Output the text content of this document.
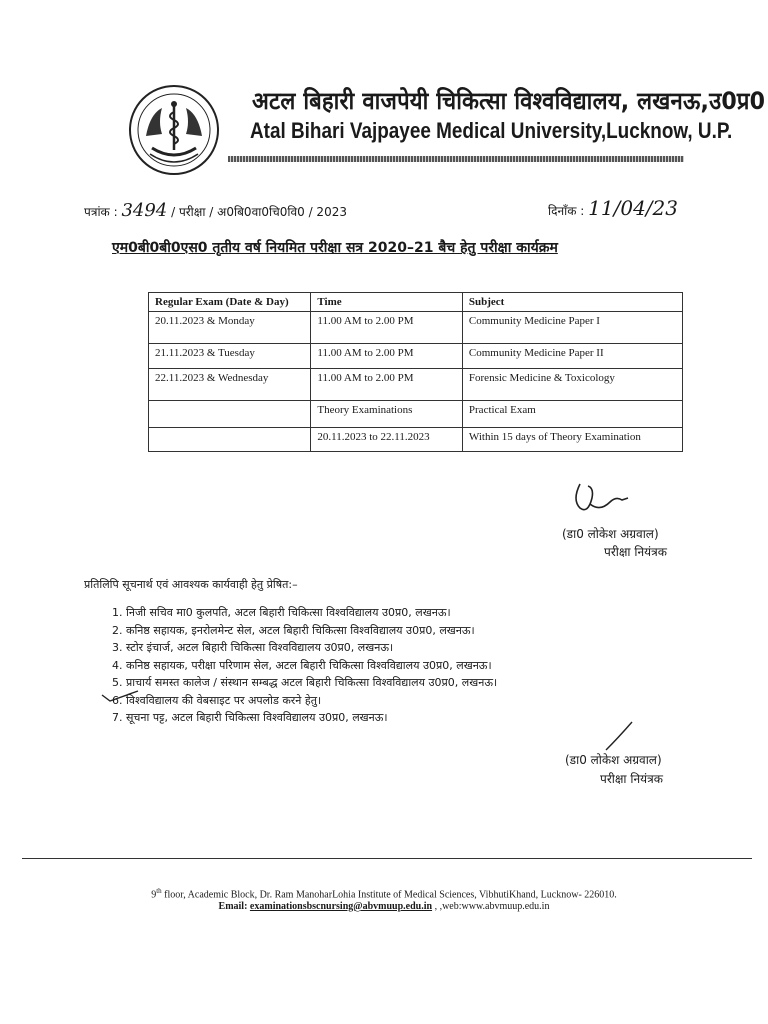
अटल बिहारी वाजपेयी चिकित्सा विश्वविद्यालय, लखनऊ,उ0प्र0
Atal Bihari Vajpayee Medical University,Lucknow, U.P.
पत्रांक : 3494 / परीक्षा / अ0बि0वा0चि0वि0 / 2023	दिनाँक : 11/04/23
एम0बी0बी0एस0 तृतीय वर्ष नियमित परीक्षा सत्र 2020–21 बैच हेतु परीक्षा कार्यक्रम
Regular Exam (Date & Day)	Time	Subject
20.11.2023 & Monday	11.00 AM to 2.00 PM	Community Medicine Paper I
21.11.2023 & Tuesday	11.00 AM to 2.00 PM	Community Medicine Paper II
22.11.2023 & Wednesday	11.00 AM to 2.00 PM	Forensic Medicine & Toxicology
	Theory Examinations	Practical Exam
	20.11.2023 to 22.11.2023	Within 15 days of Theory Examination
(डा0 लोकेश अग्रवाल)
परीक्षा नियंत्रक
प्रतिलिपि सूचनार्थ एवं आवश्यक कार्यवाही हेतु प्रेषित:–
1. निजी सचिव मा0 कुलपति, अटल बिहारी चिकित्सा विश्वविद्यालय उ0प्र0, लखनऊ।
2. कनिष्ठ सहायक, इनरोलमेन्ट सेल, अटल बिहारी चिकित्सा विश्वविद्यालय उ0प्र0, लखनऊ।
3. स्टोर इंचार्ज, अटल बिहारी चिकित्सा विश्वविद्यालय उ0प्र0, लखनऊ।
4. कनिष्ठ सहायक, परीक्षा परिणाम सेल, अटल बिहारी चिकित्सा विश्वविद्यालय उ0प्र0, लखनऊ।
5. प्राचार्य समस्त कालेज / संस्थान सम्बद्ध अटल बिहारी चिकित्सा विश्वविद्यालय उ0प्र0, लखनऊ।
6. विश्वविद्यालय की वेबसाइट पर अपलोड करने हेतु।
7. सूचना पट्ट, अटल बिहारी चिकित्सा विश्वविद्यालय उ0प्र0, लखनऊ।
(डा0 लोकेश अग्रवाल)
परीक्षा नियंत्रक
9th floor, Academic Block, Dr. Ram ManoharLohia Institute of Medical Sciences, VibhutiKhand, Lucknow- 226010.
Email: examinationsbscnursing@abvmuup.edu.in , ,web:www.abvmuup.edu.in
